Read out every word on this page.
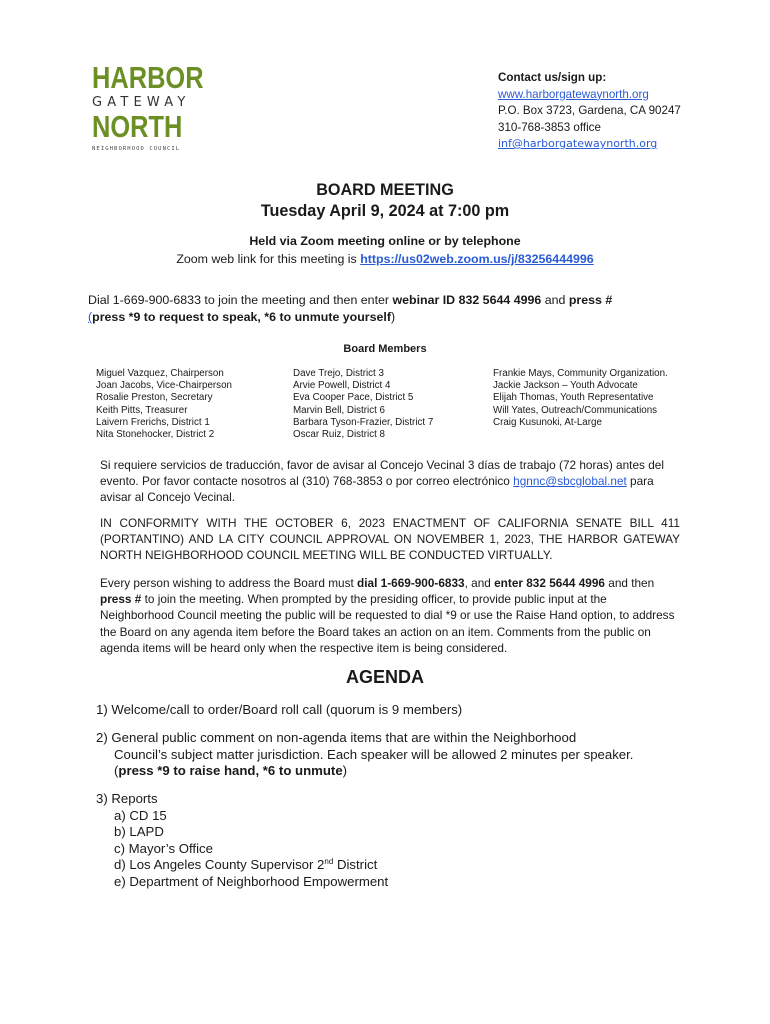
HARBOR
GATEWAY
NORTH
NEIGHBORHOOD COUNCIL
Contact us/sign up:
www.harborgatewaynorth.org
P.O. Box 3723, Gardena, CA 90247
310-768-3853 office
inf@harborgatewaynorth.org
BOARD MEETING
Tuesday April 9, 2024 at 7:00 pm
Held via Zoom meeting online or by telephone
Zoom web link for this meeting is https://us02web.zoom.us/j/83256444996
Dial 1-669-900-6833 to join the meeting and then enter webinar ID 832 5644 4996 and press #
(press *9 to request to speak, *6 to unmute yourself)
Board Members
Miguel Vazquez, Chairperson
Joan Jacobs, Vice-Chairperson
Rosalie Preston, Secretary
Keith Pitts, Treasurer
Laivern Frerichs, District 1
Nita Stonehocker, District 2
Dave Trejo, District 3
Arvie Powell, District 4
Eva Cooper Pace, District 5
Marvin Bell, District 6
Barbara Tyson-Frazier, District 7
Oscar Ruiz, District 8
Frankie Mays, Community Organization.
Jackie Jackson – Youth Advocate
Elijah Thomas, Youth Representative
Will Yates, Outreach/Communications
Craig Kusunoki, At-Large
Si requiere servicios de traducción, favor de avisar al Concejo Vecinal 3 días de trabajo (72 horas) antes del evento. Por favor contacte nosotros al (310) 768-3853 o por correo electrónico hgnnc@sbcglobal.net para avisar al Concejo Vecinal.
IN CONFORMITY WITH THE OCTOBER 6, 2023 ENACTMENT OF CALIFORNIA SENATE BILL 411 (PORTANTINO) AND LA CITY COUNCIL APPROVAL ON NOVEMBER 1, 2023, THE HARBOR GATEWAY NORTH NEIGHBORHOOD COUNCIL MEETING WILL BE CONDUCTED VIRTUALLY.
Every person wishing to address the Board must dial 1-669-900-6833, and enter 832 5644 4996 and then press # to join the meeting. When prompted by the presiding officer, to provide public input at the Neighborhood Council meeting the public will be requested to dial *9 or use the Raise Hand option, to address the Board on any agenda item before the Board takes an action on an item. Comments from the public on agenda items will be heard only when the respective item is being considered.
AGENDA
1) Welcome/call to order/Board roll call (quorum is 9 members)
2) General public comment on non-agenda items that are within the Neighborhood
Council’s subject matter jurisdiction. Each speaker will be allowed 2 minutes per speaker.
(press *9 to raise hand, *6 to unmute)
3) Reports
a) CD 15
b) LAPD
c) Mayor’s Office
d) Los Angeles County Supervisor 2nd District
e) Department of Neighborhood Empowerment
